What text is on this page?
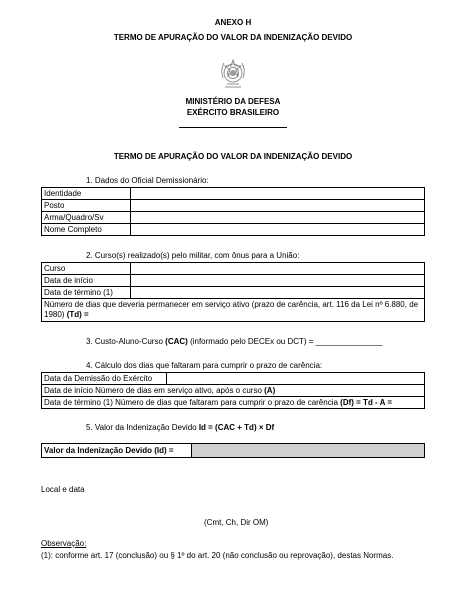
ANEXO H
TERMO DE APURAÇÃO DO VALOR DA INDENIZAÇÃO DEVIDO
MINISTÉRIO DA DEFESA
EXÉRCITO BRASILEIRO
TERMO DE APURAÇÃO DO VALOR DA INDENIZAÇÃO DEVIDO
1. Dados do Oficial Demissionário:
Identidade	
Posto	
Arma/Quadro/Sv	
Nome Completo	
2. Curso(s) realizado(s) pelo militar, com ônus para a União:
Curso	
Data de início	
Data de término (1)	
Número de dias que deveria permanecer em serviço ativo (prazo de carência, art. 116 da Lei nº 6.880, de 1980) (Td) =	
3. Custo-Aluno-Curso (CAC) (informado pelo DECEx ou DCT) = _______________
4. Cálculo dos dias que faltaram para cumprir o prazo de carência:
Data da Demissão do Exército	
Data de início Número de dias em serviço ativo, após o curso (A)
Data de término (1) Número de dias que faltaram para cumprir o prazo de carência (Df) = Td - A =
5. Valor da Indenização Devido Id = (CAC + Td) × Df
Valor da Indenização Devido (Id) =	
Local e data
(Cmt, Ch, Dir OM)
Observação:
(1): conforme art. 17 (conclusão) ou § 1º do art. 20 (não conclusão ou reprovação), destas Normas.
